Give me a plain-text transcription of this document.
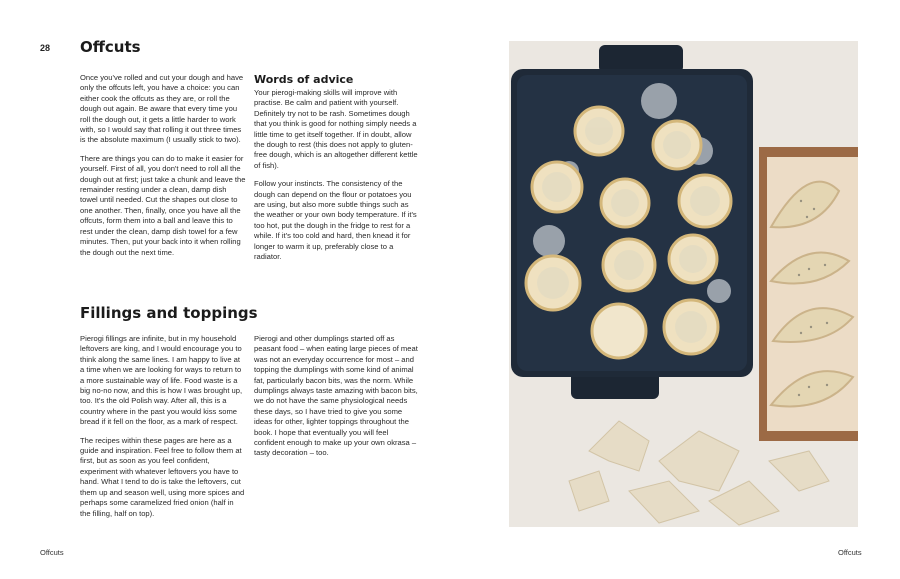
28 Offcuts

Once you've rolled and cut your dough and have only the offcuts left, you have a choice: you can either cook the offcuts as they are, or roll the dough out again. Be aware that every time you roll the dough out, it gets a little harder to work with, so I would say that rolling it out three times is the absolute maximum (I usually stick to two).

There are things you can do to make it easier for yourself. First of all, you don't need to roll all the dough out at first; just take a chunk and leave the remainder resting under a clean, damp dish towel until needed. Cut the shapes out close to one another. Then, finally, once you have all the offcuts, form them into a ball and leave this to rest under the clean, damp dish towel for a few minutes. Then, put your back into it when rolling the dough out the next time.

Words of advice

Your pierogi-making skills will improve with practise. Be calm and patient with yourself. Definitely try not to be rash. Sometimes dough that you think is good for nothing simply needs a little time to get itself together. If in doubt, allow the dough to rest (this does not apply to gluten-free dough, which is an altogether different kettle of fish).

Follow your instincts. The consistency of the dough can depend on the flour or potatoes you are using, but also more subtle things such as the weather or your own body temperature. If it's too hot, put the dough in the fridge to rest for a while. If it's too cold and hard, then knead it for longer to warm it up, preferably close to a radiator.

Fillings and toppings

Pierogi fillings are infinite, but in my household leftovers are king, and I would encourage you to think along the same lines. I am happy to live at a time when we are looking for ways to return to a more sustainable way of life. Food waste is a big no-no now, and this is how I was brought up, too. It's the old Polish way. After all, this is a country where in the past you would kiss some bread if it fell on the floor, as a mark of respect.

The recipes within these pages are here as a guide and inspiration. Feel free to follow them at first, but as soon as you feel confident, experiment with whatever leftovers you have to hand. What I tend to do is take the leftovers, cut them up and season well, using more spices and perhaps some caramelized fried onion (half in the filling, half on top).

Pierogi and other dumplings started off as peasant food – when eating large pieces of meat was not an everyday occurrence for most – and topping the dumplings with some kind of animal fat, particularly bacon bits, was the norm. While dumplings always taste amazing with bacon bits, we do not have the same physiological needs these days, so I have tried to give you some ideas for other, lighter toppings throughout the book. I hope that eventually you will feel confident enough to make up your own okrasa – tasty decoration – too.

Offcuts	Offcuts
